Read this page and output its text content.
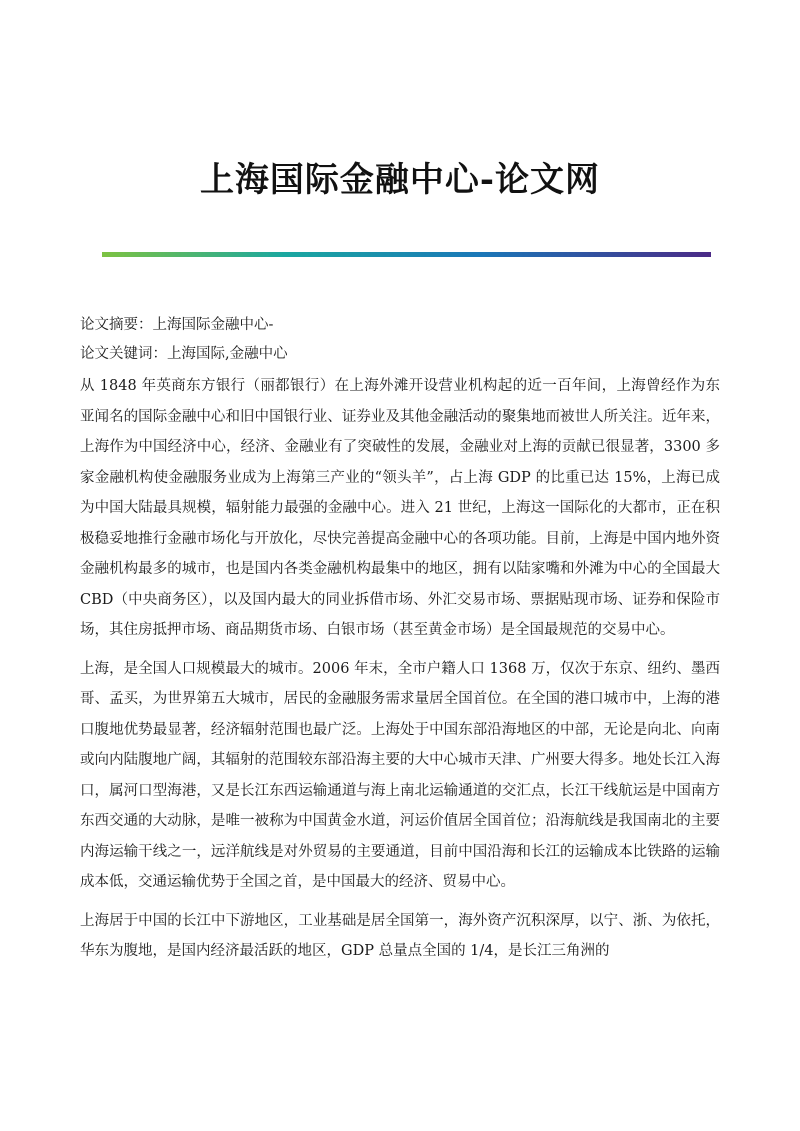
上海国际金融中心-论文网
论文摘要：上海国际金融中心-
论文关键词：上海国际,金融中心

从 1848 年英商东方银行（丽都银行）在上海外滩开设营业机构起的近一百年间，上海曾经作为东亚闻名的国际金融中心和旧中国银行业、证券业及其他金融活动的聚集地而被世人所关注。近年来，上海作为中国经济中心，经济、金融业有了突破性的发展，金融业对上海的贡献已很显著，3300 多家金融机构使金融服务业成为上海第三产业的“领头羊”，占上海 GDP 的比重已达 15%，上海已成为中国大陆最具规模，辐射能力最强的金融中心。进入 21 世纪，上海这一国际化的大都市，正在积极稳妥地推行金融市场化与开放化，尽快完善提高金融中心的各项功能。目前，上海是中国内地外资金融机构最多的城市，也是国内各类金融机构最集中的地区，拥有以陆家嘴和外滩为中心的全国最大 CBD（中央商务区），以及国内最大的同业拆借市场、外汇交易市场、票据贴现市场、证券和保险市场，其住房抵押市场、商品期货市场、白银市场（甚至黄金市场）是全国最规范的交易中心。

上海，是全国人口规模最大的城市。2006 年末，全市户籍人口 1368 万，仅次于东京、纽约、墨西哥、孟买，为世界第五大城市，居民的金融服务需求量居全国首位。在全国的港口城市中，上海的港口腹地优势最显著，经济辐射范围也最广泛。上海处于中国东部沿海地区的中部，无论是向北、向南或向内陆腹地广阔，其辐射的范围较东部沿海主要的大中心城市天津、广州要大得多。地处长江入海口，属河口型海港，又是长江东西运输通道与海上南北运输通道的交汇点，长江干线航运是中国南方东西交通的大动脉，是唯一被称为中国黄金水道，河运价值居全国首位；沿海航线是我国南北的主要内海运输干线之一，远洋航线是对外贸易的主要通道，目前中国沿海和长江的运输成本比铁路的运输成本低，交通运输优势于全国之首，是中国最大的经济、贸易中心。

上海居于中国的长江中下游地区，工业基础是居全国第一，海外资产沉积深厚，以宁、浙、为依托，华东为腹地，是国内经济最活跃的地区，GDP 总量点全国的 1/4，是长江三角洲的
